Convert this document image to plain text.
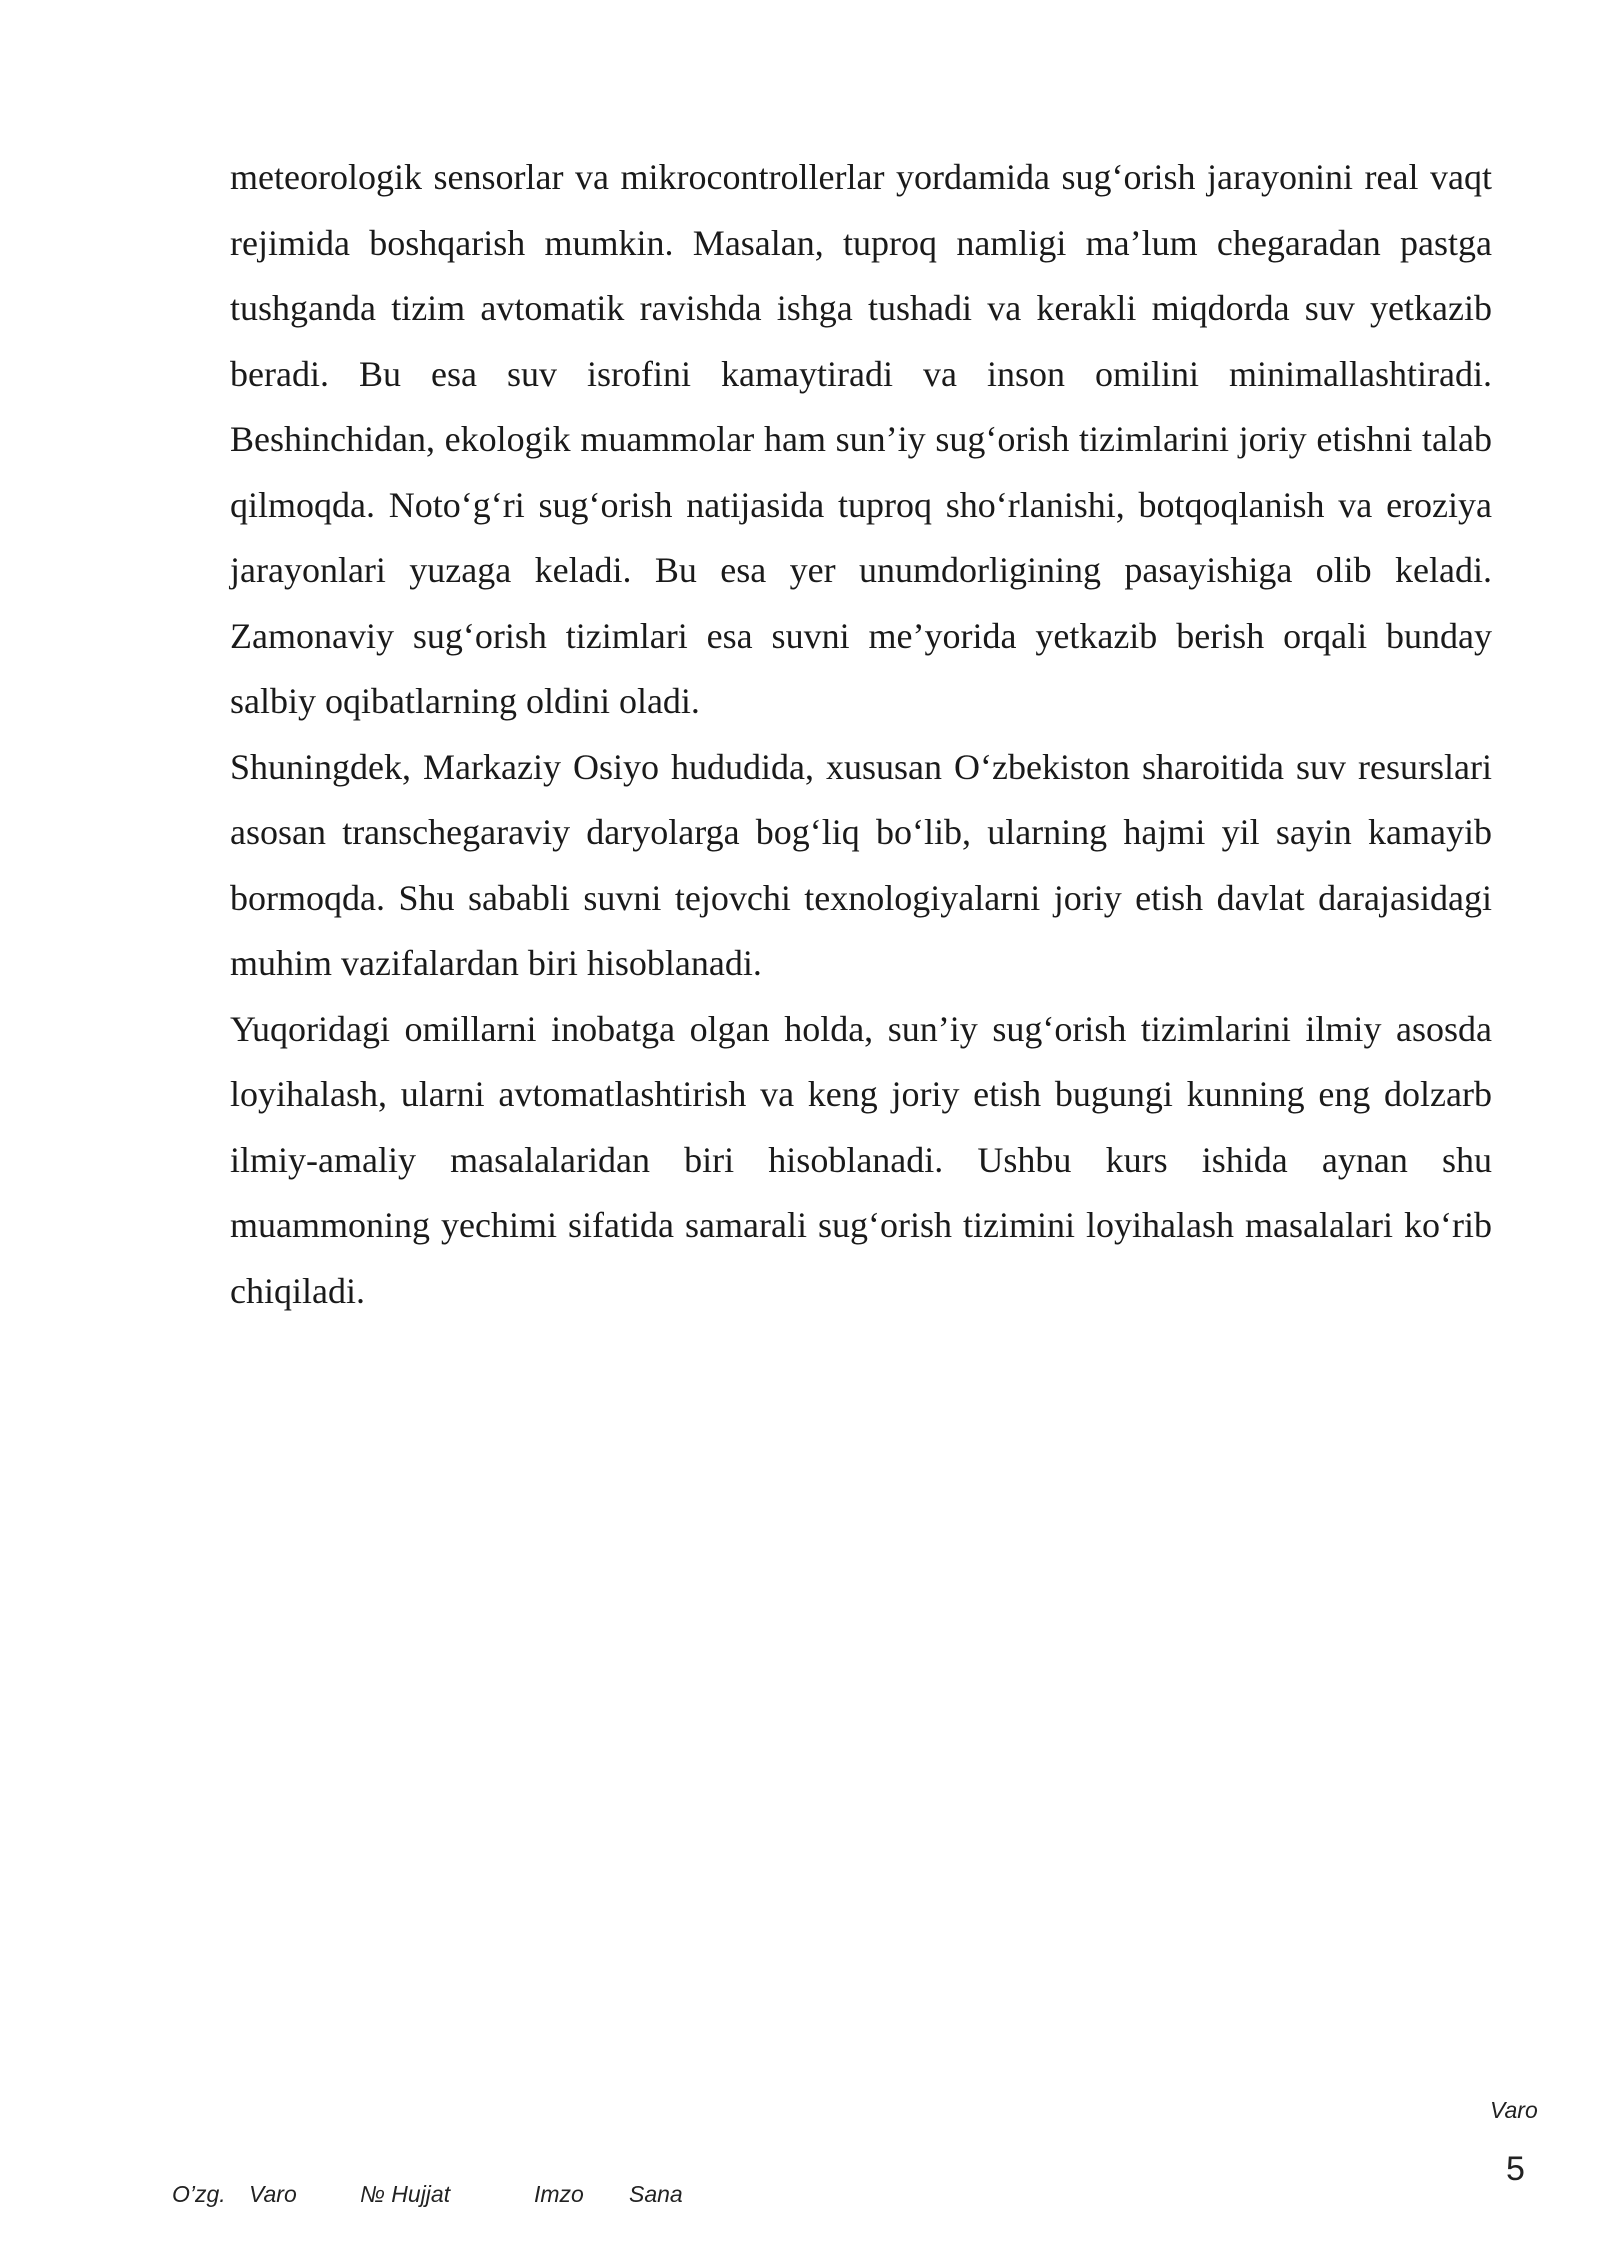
meteorologik sensorlar va mikrocontrollerlar yordamida sug‘orish jarayonini real vaqt rejimida boshqarish mumkin. Masalan, tuproq namligi ma’lum chegaradan pastga tushganda tizim avtomatik ravishda ishga tushadi va kerakli miqdorda suv yetkazib beradi. Bu esa suv isrofini kamaytiradi va inson omilini minimallashtiradi. Beshinchidan, ekologik muammolar ham sun’iy sug‘orish tizimlarini joriy etishni talab qilmoqda. Noto‘g‘ri sug‘orish natijasida tuproq sho‘rlanishi, botqoqlanish va eroziya jarayonlari yuzaga keladi. Bu esa yer unumdorligining pasayishiga olib keladi. Zamonaviy sug‘orish tizimlari esa suvni me’yorida yetkazib berish orqali bunday salbiy oqibatlarning oldini oladi.

Shuningdek, Markaziy Osiyo hududida, xususan O‘zbekiston sharoitida suv resurslari asosan transchegaraviy daryolarga bog‘liq bo‘lib, ularning hajmi yil sayin kamayib bormoqda. Shu sababli suvni tejovchi texnologiyalarni joriy etish davlat darajasidagi muhim vazifalardan biri hisoblanadi.

Yuqoridagi omillarni inobatga olgan holda, sun’iy sug‘orish tizimlarini ilmiy asosda loyihalash, ularni avtomatlashtirish va keng joriy etish bugungi kunning eng dolzarb ilmiy-amaliy masalalaridan biri hisoblanadi. Ushbu kurs ishida aynan shu muammoning yechimi sifatida samarali sug‘orish tizimini loyihalash masalalari ko‘rib chiqiladi.

Varo
5
O’zg. Varo	№ Hujjat	Imzo Sana
